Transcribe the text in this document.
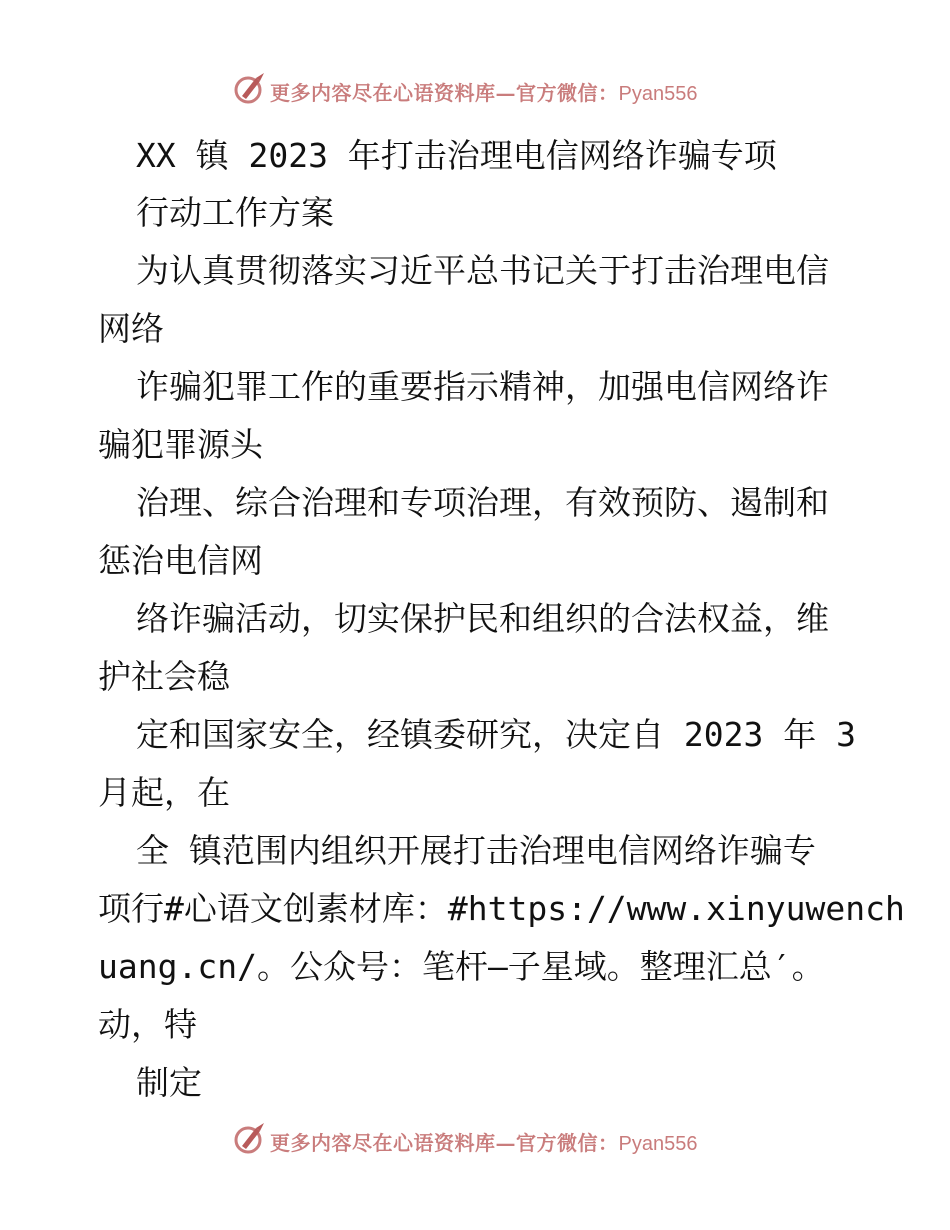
更多内容尽在心语资料库—官方微信：Pyan556
XX 镇 2023 年打击治理电信网络诈骗专项
行动工作方案
为认真贯彻落实习近平总书记关于打击治理电信
网络
诈骗犯罪工作的重要指示精神，加强电信网络诈
骗犯罪源头
治理、综合治理和专项治理，有效预防、遏制和
惩治电信网
络诈骗活动，切实保护民和组织的合法权益，维
护社会稳
定和国家安全，经镇委研究，决定自 2023 年 3
月起，在
全 镇范围内组织开展打击治理电信网络诈骗专
项行#心语文创素材库：#https://www.xinyuwench
uang.cn/。公众号：笔杆—子星域。整理汇总′。
动，特
制定
更多内容尽在心语资料库—官方微信：Pyan556
